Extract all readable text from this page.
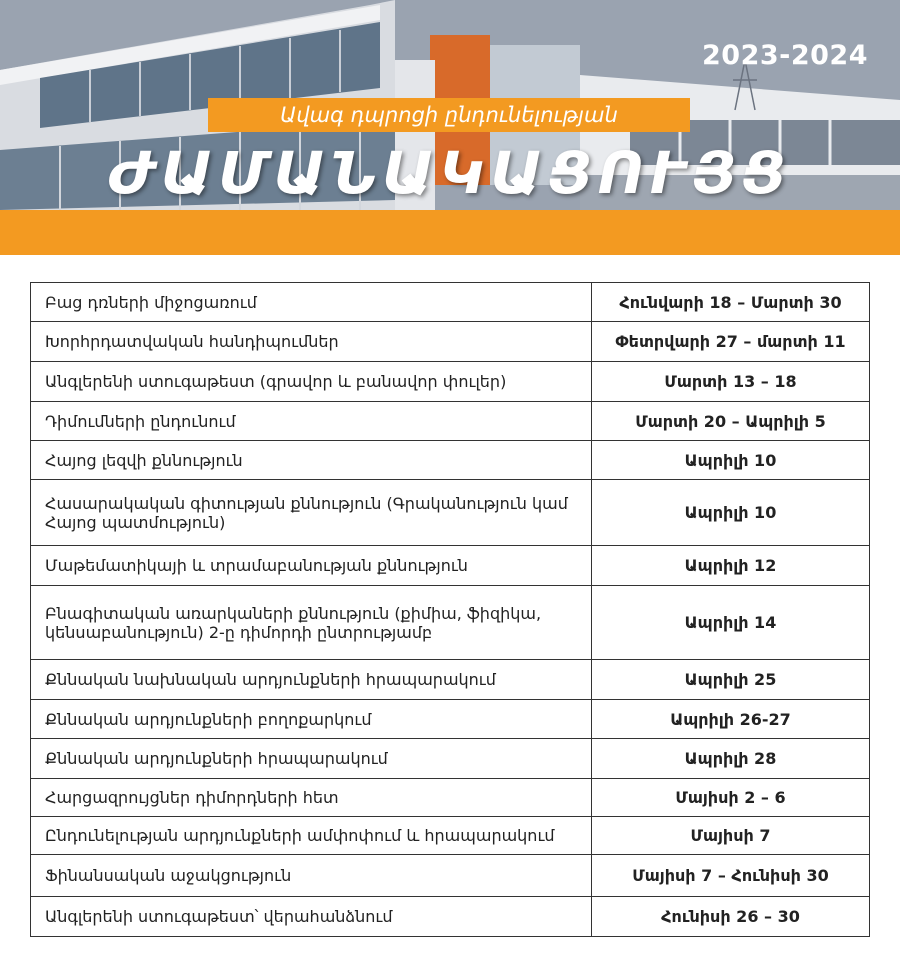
2023-2024
Ավագ դպրոցի ընդունելության
ԺԱՄԱՆԱԿԱՑՈՒՅՑ
Բաց դռների միջոցառում	Հունվարի 18 – Մարտի 30
Խորհրդատվական հանդիպումներ	Փետրվարի 27 – մարտի 11
Անգլերենի ստուգաթեստ (գրավոր և բանավոր փուլեր)	Մարտի 13 – 18
Դիմումների ընդունում	Մարտի 20 – Ապրիլի 5
Հայոց լեզվի քննություն	Ապրիլի 10
Հասարակական գիտության քննություն (Գրականություն կամ Հայոց պատմություն)	Ապրիլի 10
Մաթեմատիկայի և տրամաբանության քննություն	Ապրիլի 12
Բնագիտական առարկաների քննություն (քիմիա, ֆիզիկա, կենսաբանություն) 2-ը դիմորդի ընտրությամբ	Ապրիլի 14
Քննական նախնական արդյունքների հրապարակում	Ապրիլի 25
Քննական արդյունքների բողոքարկում	Ապրիլի 26-27
Քննական արդյունքների հրապարակում	Ապրիլի 28
Հարցազրույցներ դիմորդների հետ	Մայիսի 2 – 6
Ընդունելության արդյունքների ամփոփում և հրապարակում	Մայիսի 7
Ֆինանսական աջակցություն	Մայիսի 7 – Հունիսի 30
Անգլերենի ստուգաթեստ՝ վերահանձնում	Հունիսի 26 – 30
